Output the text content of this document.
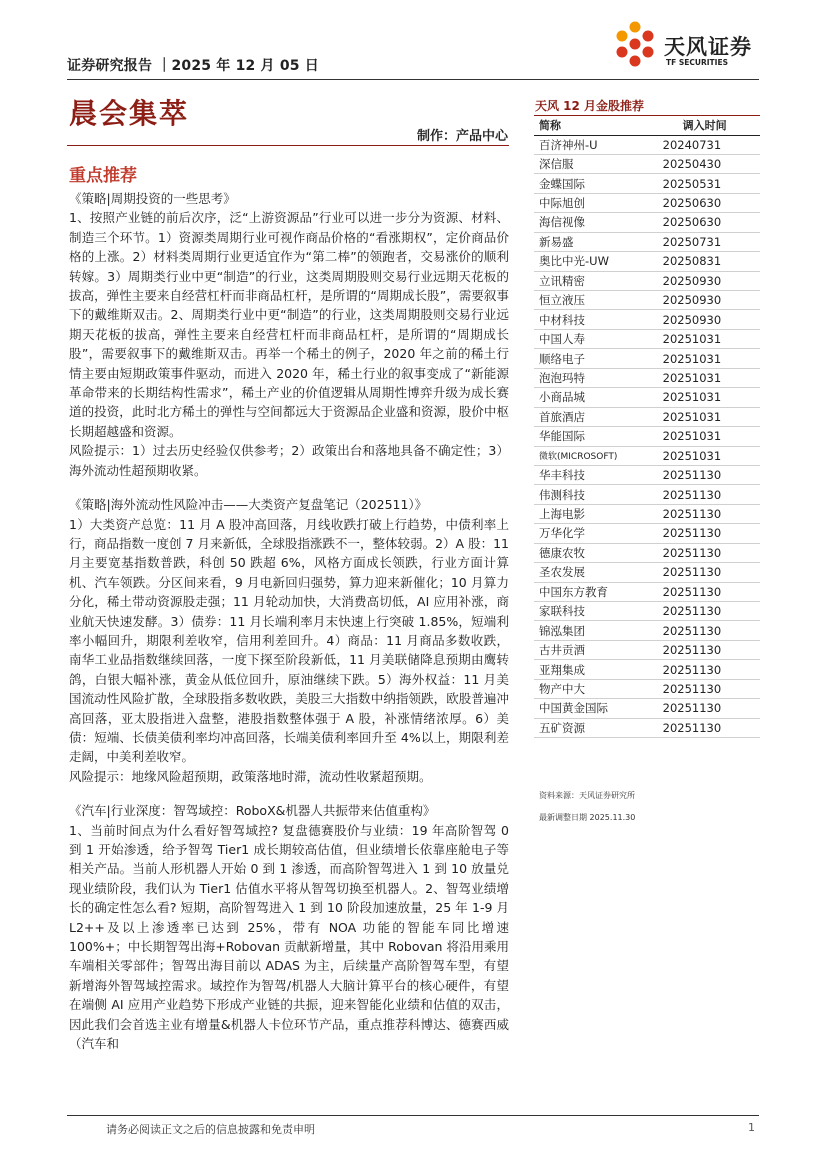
证券研究报告 ｜2025 年 12 月 05 日
天风证券
TF SECURITIES
晨会集萃
制作：产品中心
重点推荐

《策略|周期投资的一些思考》

1、按照产业链的前后次序，泛“上游资源品”行业可以进一步分为资源、材料、制造三个环节。1）资源类周期行业可视作商品价格的“看涨期权”，定价商品价格的上涨。2）材料类周期行业更适宜作为“第二棒”的领跑者，交易涨价的顺利转嫁。3）周期类行业中更“制造”的行业，这类周期股则交易行业远期天花板的拔高，弹性主要来自经营杠杆而非商品杠杆，是所谓的“周期成长股”，需要叙事下的戴维斯双击。2、周期类行业中更“制造”的行业，这类周期股则交易行业远期天花板的拔高，弹性主要来自经营杠杆而非商品杠杆，是所谓的“周期成长股”，需要叙事下的戴维斯双击。再举一个稀土的例子，2020 年之前的稀土行情主要由短期政策事件驱动，而进入 2020 年，稀土行业的叙事变成了“新能源革命带来的长期结构性需求”，稀土产业的价值逻辑从周期性博弈升级为成长赛道的投资，此时北方稀土的弹性与空间都远大于资源品企业盛和资源，股价中枢长期超越盛和资源。

风险提示：1）过去历史经验仅供参考；2）政策出台和落地具备不确定性；3）海外流动性超预期收紧。

《策略|海外流动性风险冲击——大类资产复盘笔记（202511）》

1）大类资产总览：11 月 A 股冲高回落，月线收跌打破上行趋势，中债利率上行，商品指数一度创 7 月来新低，全球股指涨跌不一，整体较弱。2）A 股：11 月主要宽基指数普跌，科创 50 跌超 6%，风格方面成长领跌，行业方面计算机、汽车领跌。分区间来看，9 月电新回归强势，算力迎来新催化；10 月算力分化，稀土带动资源股走强；11 月轮动加快，大消费高切低，AI 应用补涨，商业航天快速发酵。3）债券：11 月长端利率月末快速上行突破 1.85%，短端利率小幅回升，期限利差收窄，信用利差回升。4）商品：11 月商品多数收跌，南华工业品指数继续回落，一度下探至阶段新低，11 月美联储降息预期由鹰转鸽，白银大幅补涨，黄金从低位回升，原油继续下跌。5）海外权益：11 月美国流动性风险扩散，全球股指多数收跌，美股三大指数中纳指领跌，欧股普遍冲高回落，亚太股指进入盘整，港股指数整体强于 A 股，补涨情绪浓厚。6）美债：短端、长债美债利率均冲高回落，长端美债利率回升至 4%以上，期限利差走阔，中美利差收窄。

风险提示：地缘风险超预期，政策落地时滞，流动性收紧超预期。

《汽车|行业深度：智驾域控：RoboX&机器人共振带来估值重构》

1、当前时间点为什么看好智驾域控? 复盘德赛股价与业绩：19 年高阶智驾 0 到 1 开始渗透，给予智驾 Tier1 成长期较高估值，但业绩增长依靠座舱电子等相关产品。当前人形机器人开始 0 到 1 渗透，而高阶智驾进入 1 到 10 放量兑现业绩阶段，我们认为 Tier1 估值水平将从智驾切换至机器人。2、智驾业绩增长的确定性怎么看? 短期，高阶智驾进入 1 到 10 阶段加速放量，25 年 1-9 月 L2++及以上渗透率已达到 25%，带有 NOA 功能的智能车同比增速 100%+；中长期智驾出海+Robovan 贡献新增量，其中 Robovan 将沿用乘用车端相关零部件；智驾出海目前以 ADAS 为主，后续量产高阶智驾车型，有望新增海外智驾域控需求。域控作为智驾/机器人大脑计算平台的核心硬件，有望在端侧 AI 应用产业趋势下形成产业链的共振，迎来智能化业绩和估值的双击，因此我们会首选主业有增量&机器人卡位环节产品，重点推荐科博达、德赛西威（汽车和

天风 12 月金股推荐
简称	调入时间
百济神州-U	20240731
深信服	20250430
金蝶国际	20250531
中际旭创	20250630
海信视像	20250630
新易盛	20250731
奥比中光-UW	20250831
立讯精密	20250930
恒立液压	20250930
中材科技	20250930
中国人寿	20251031
顺络电子	20251031
泡泡玛特	20251031
小商品城	20251031
首旅酒店	20251031
华能国际	20251031
微软(MICROSOFT)	20251031
华丰科技	20251130
伟测科技	20251130
上海电影	20251130
万华化学	20251130
德康农牧	20251130
圣农发展	20251130
中国东方教育	20251130
家联科技	20251130
锦泓集团	20251130
古井贡酒	20251130
亚翔集成	20251130
物产中大	20251130
中国黄金国际	20251130
五矿资源	20251130
资料来源：天风证券研究所
最新调整日期 2025.11.30
请务必阅读正文之后的信息披露和免责申明	1
